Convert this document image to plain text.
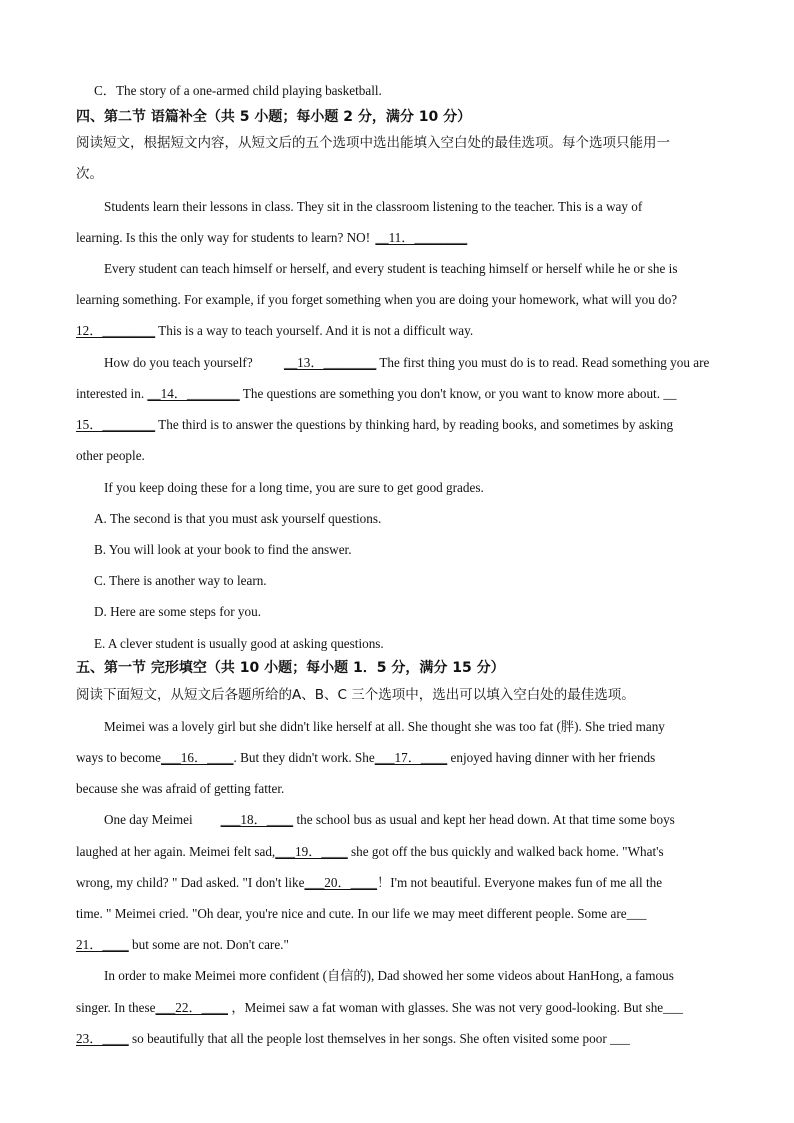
C．The story of a one-armed child playing basketball.
四、第二节 语篇补全（共 5 小题；每小题 2 分，满分 10 分）
阅读短文，根据短文内容，从短文后的五个选项中选出能填入空白处的最佳选项。每个选项只能用一
次。
Students learn their lessons in class. They sit in the classroom listening to the teacher. This is a way of
learning. Is this the only way for students to learn? NO! __11．________
Every student can teach himself or herself, and every student is teaching himself or herself while he or she is
learning something. For example, if you forget something when you are doing your homework, what will you do?
12．________ This is a way to teach yourself. And it is not a difficult way.
How do you teach yourself? __13．________ The first thing you must do is to read. Read something you are
interested in. __14．________ The questions are something you don't know, or you want to know more about. __
15．________ The third is to answer the questions by thinking hard, by reading books, and sometimes by asking
other people.
If you keep doing these for a long time, you are sure to get good grades.
A. The second is that you must ask yourself questions.
B. You will look at your book to find the answer.
C. There is another way to learn.
D. Here are some steps for you.
E. A clever student is usually good at asking questions.
五、第一节 完形填空（共 10 小题；每小题 1．5 分，满分 15 分）
阅读下面短文，从短文后各题所给的A、B、C 三个选项中，选出可以填入空白处的最佳选项。
Meimei was a lovely girl but she didn't like herself at all. She thought she was too fat (胖). She tried many
ways to become___16．____. But they didn't work. She___17．____ enjoyed having dinner with her friends
because she was afraid of getting fatter.
One day Meimei ___18．____ the school bus as usual and kept her head down. At that time some boys
laughed at her again. Meimei felt sad,___19．____ she got off the bus quickly and walked back home. "What's
wrong, my child? " Dad asked. "I don't like___20．____！I'm not beautiful. Everyone makes fun of me all the
time. " Meimei cried. "Oh dear, you're nice and cute. In our life we may meet different people. Some are___
21．____ but some are not. Don't care."
In order to make Meimei more confident (自信的), Dad showed her some videos about HanHong, a famous
singer. In these___22．____ ，Meimei saw a fat woman with glasses. She was not very good-looking. But she___
23．____ so beautifully that all the people lost themselves in her songs. She often visited some poor ___
